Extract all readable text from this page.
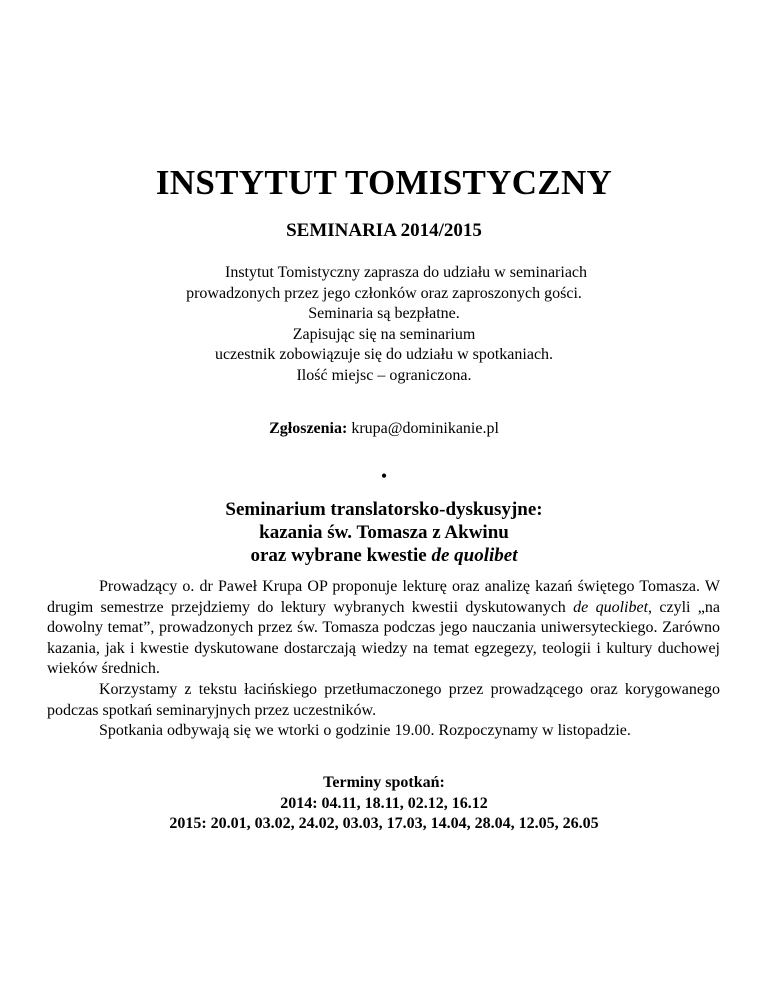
INSTYTUT TOMISTYCZNY
SEMINARIA 2014/2015
Instytut Tomistyczny zaprasza do udziału w seminariach
prowadzonych przez jego członków oraz zaproszonych gości.
Seminaria są bezpłatne.
Zapisując się na seminarium
uczestnik zobowiązuje się do udziału w spotkaniach.
Ilość miejsc – ograniczona.
Zgłoszenia: krupa@dominikanie.pl
•
Seminarium translatorsko-dyskusyjne:
kazania św. Tomasza z Akwinu
oraz wybrane kwestie de quolibet

Prowadzący o. dr Paweł Krupa OP proponuje lekturę oraz analizę kazań świętego Tomasza. W drugim semestrze przejdziemy do lektury wybranych kwestii dyskutowanych de quolibet, czyli „na dowolny temat”, prowadzonych przez św. Tomasza podczas jego nauczania uniwersyteckiego. Zarówno kazania, jak i kwestie dyskutowane dostarczają wiedzy na temat egzegezy, teologii i kultury duchowej wieków średnich.

Korzystamy z tekstu łacińskiego przetłumaczonego przez prowadzącego oraz korygowanego podczas spotkań seminaryjnych przez uczestników.

Spotkania odbywają się we wtorki o godzinie 19.00. Rozpoczynamy w listopadzie.

Terminy spotkań:
2014: 04.11, 18.11, 02.12, 16.12
2015: 20.01, 03.02, 24.02, 03.03, 17.03, 14.04, 28.04, 12.05, 26.05
